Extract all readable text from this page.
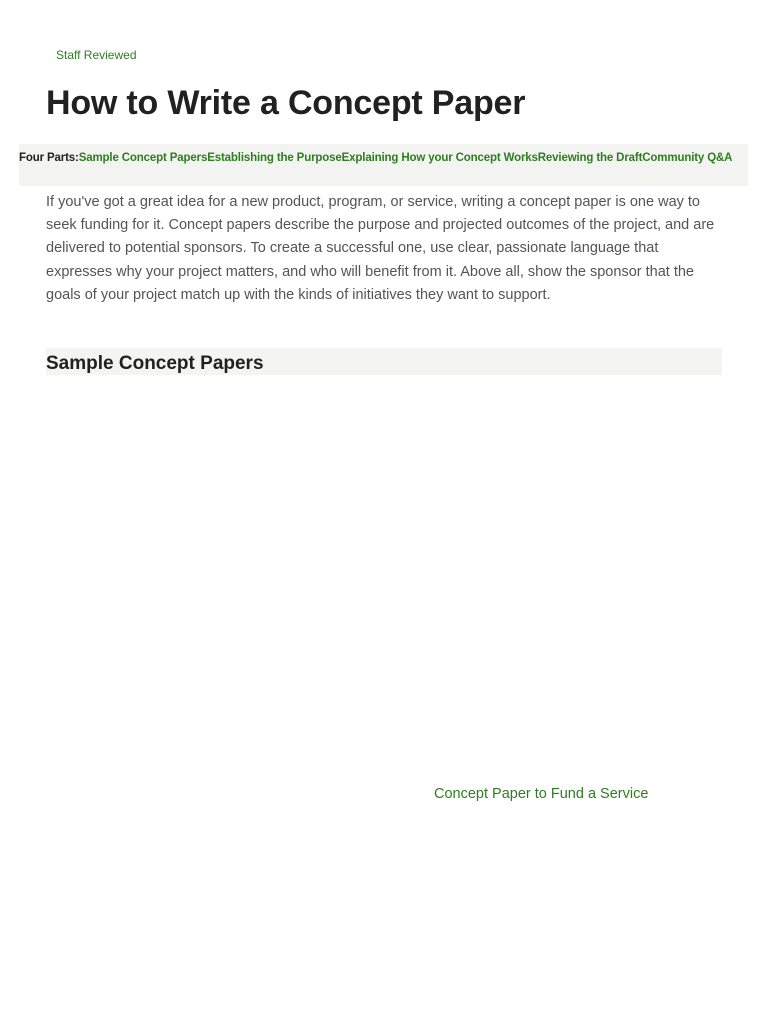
Staff Reviewed
How to Write a Concept Paper
Four Parts:Sample Concept PapersEstablishing the PurposeExplaining How your Concept WorksReviewing the DraftCommunity Q&A

If you've got a great idea for a new product, program, or service, writing a concept paper is one way to seek funding for it. Concept papers describe the purpose and projected outcomes of the project, and are delivered to potential sponsors. To create a successful one, use clear, passionate language that expresses why your project matters, and who will benefit from it. Above all, show the sponsor that the goals of your project match up with the kinds of initiatives they want to support.

Sample Concept Papers
Concept Paper to Fund a Service
